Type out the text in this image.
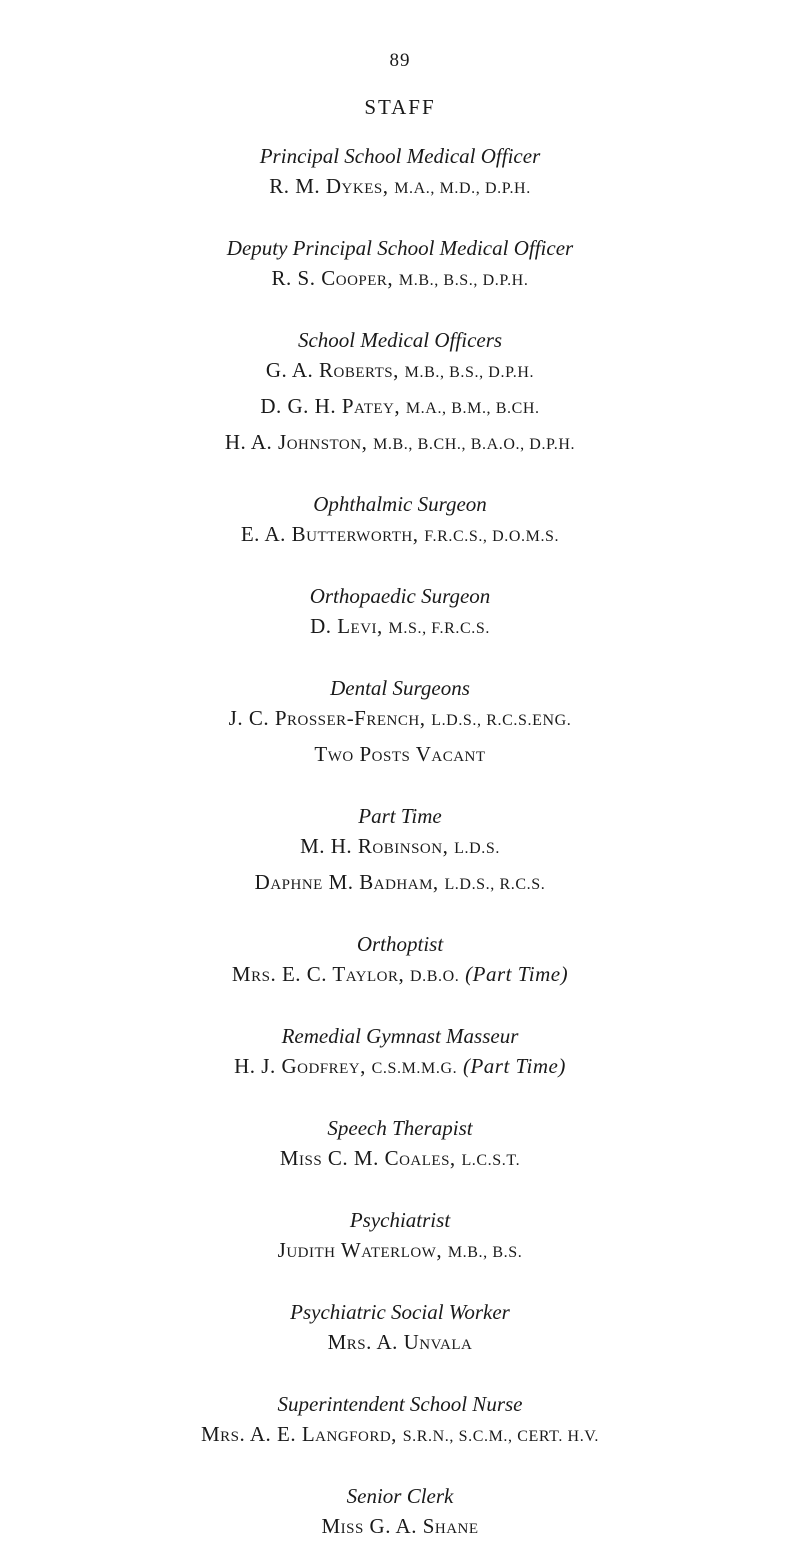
89
STAFF
Principal School Medical Officer
R. M. Dykes, M.A., M.D., D.P.H.
Deputy Principal School Medical Officer
R. S. Cooper, M.B., B.S., D.P.H.
School Medical Officers
G. A. Roberts, M.B., B.S., D.P.H.
D. G. H. Patey, M.A., B.M., B.CH.
H. A. Johnston, M.B., B.CH., B.A.O., D.P.H.
Ophthalmic Surgeon
E. A. Butterworth, F.R.C.S., D.O.M.S.
Orthopaedic Surgeon
D. Levi, M.S., F.R.C.S.
Dental Surgeons
J. C. Prosser-French, L.D.S., R.C.S.ENG.
Two Posts Vacant
Part Time
M. H. Robinson, L.D.S.
Daphne M. Badham, L.D.S., R.C.S.
Orthoptist
Mrs. E. C. Taylor, D.B.O. (Part Time)
Remedial Gymnast Masseur
H. J. Godfrey, C.S.M.M.G. (Part Time)
Speech Therapist
Miss C. M. Coales, L.C.S.T.
Psychiatrist
Judith Waterlow, M.B., B.S.
Psychiatric Social Worker
Mrs. A. Unvala
Superintendent School Nurse
Mrs. A. E. Langford, S.R.N., S.C.M., CERT. H.V.
Senior Clerk
Miss G. A. Shane
